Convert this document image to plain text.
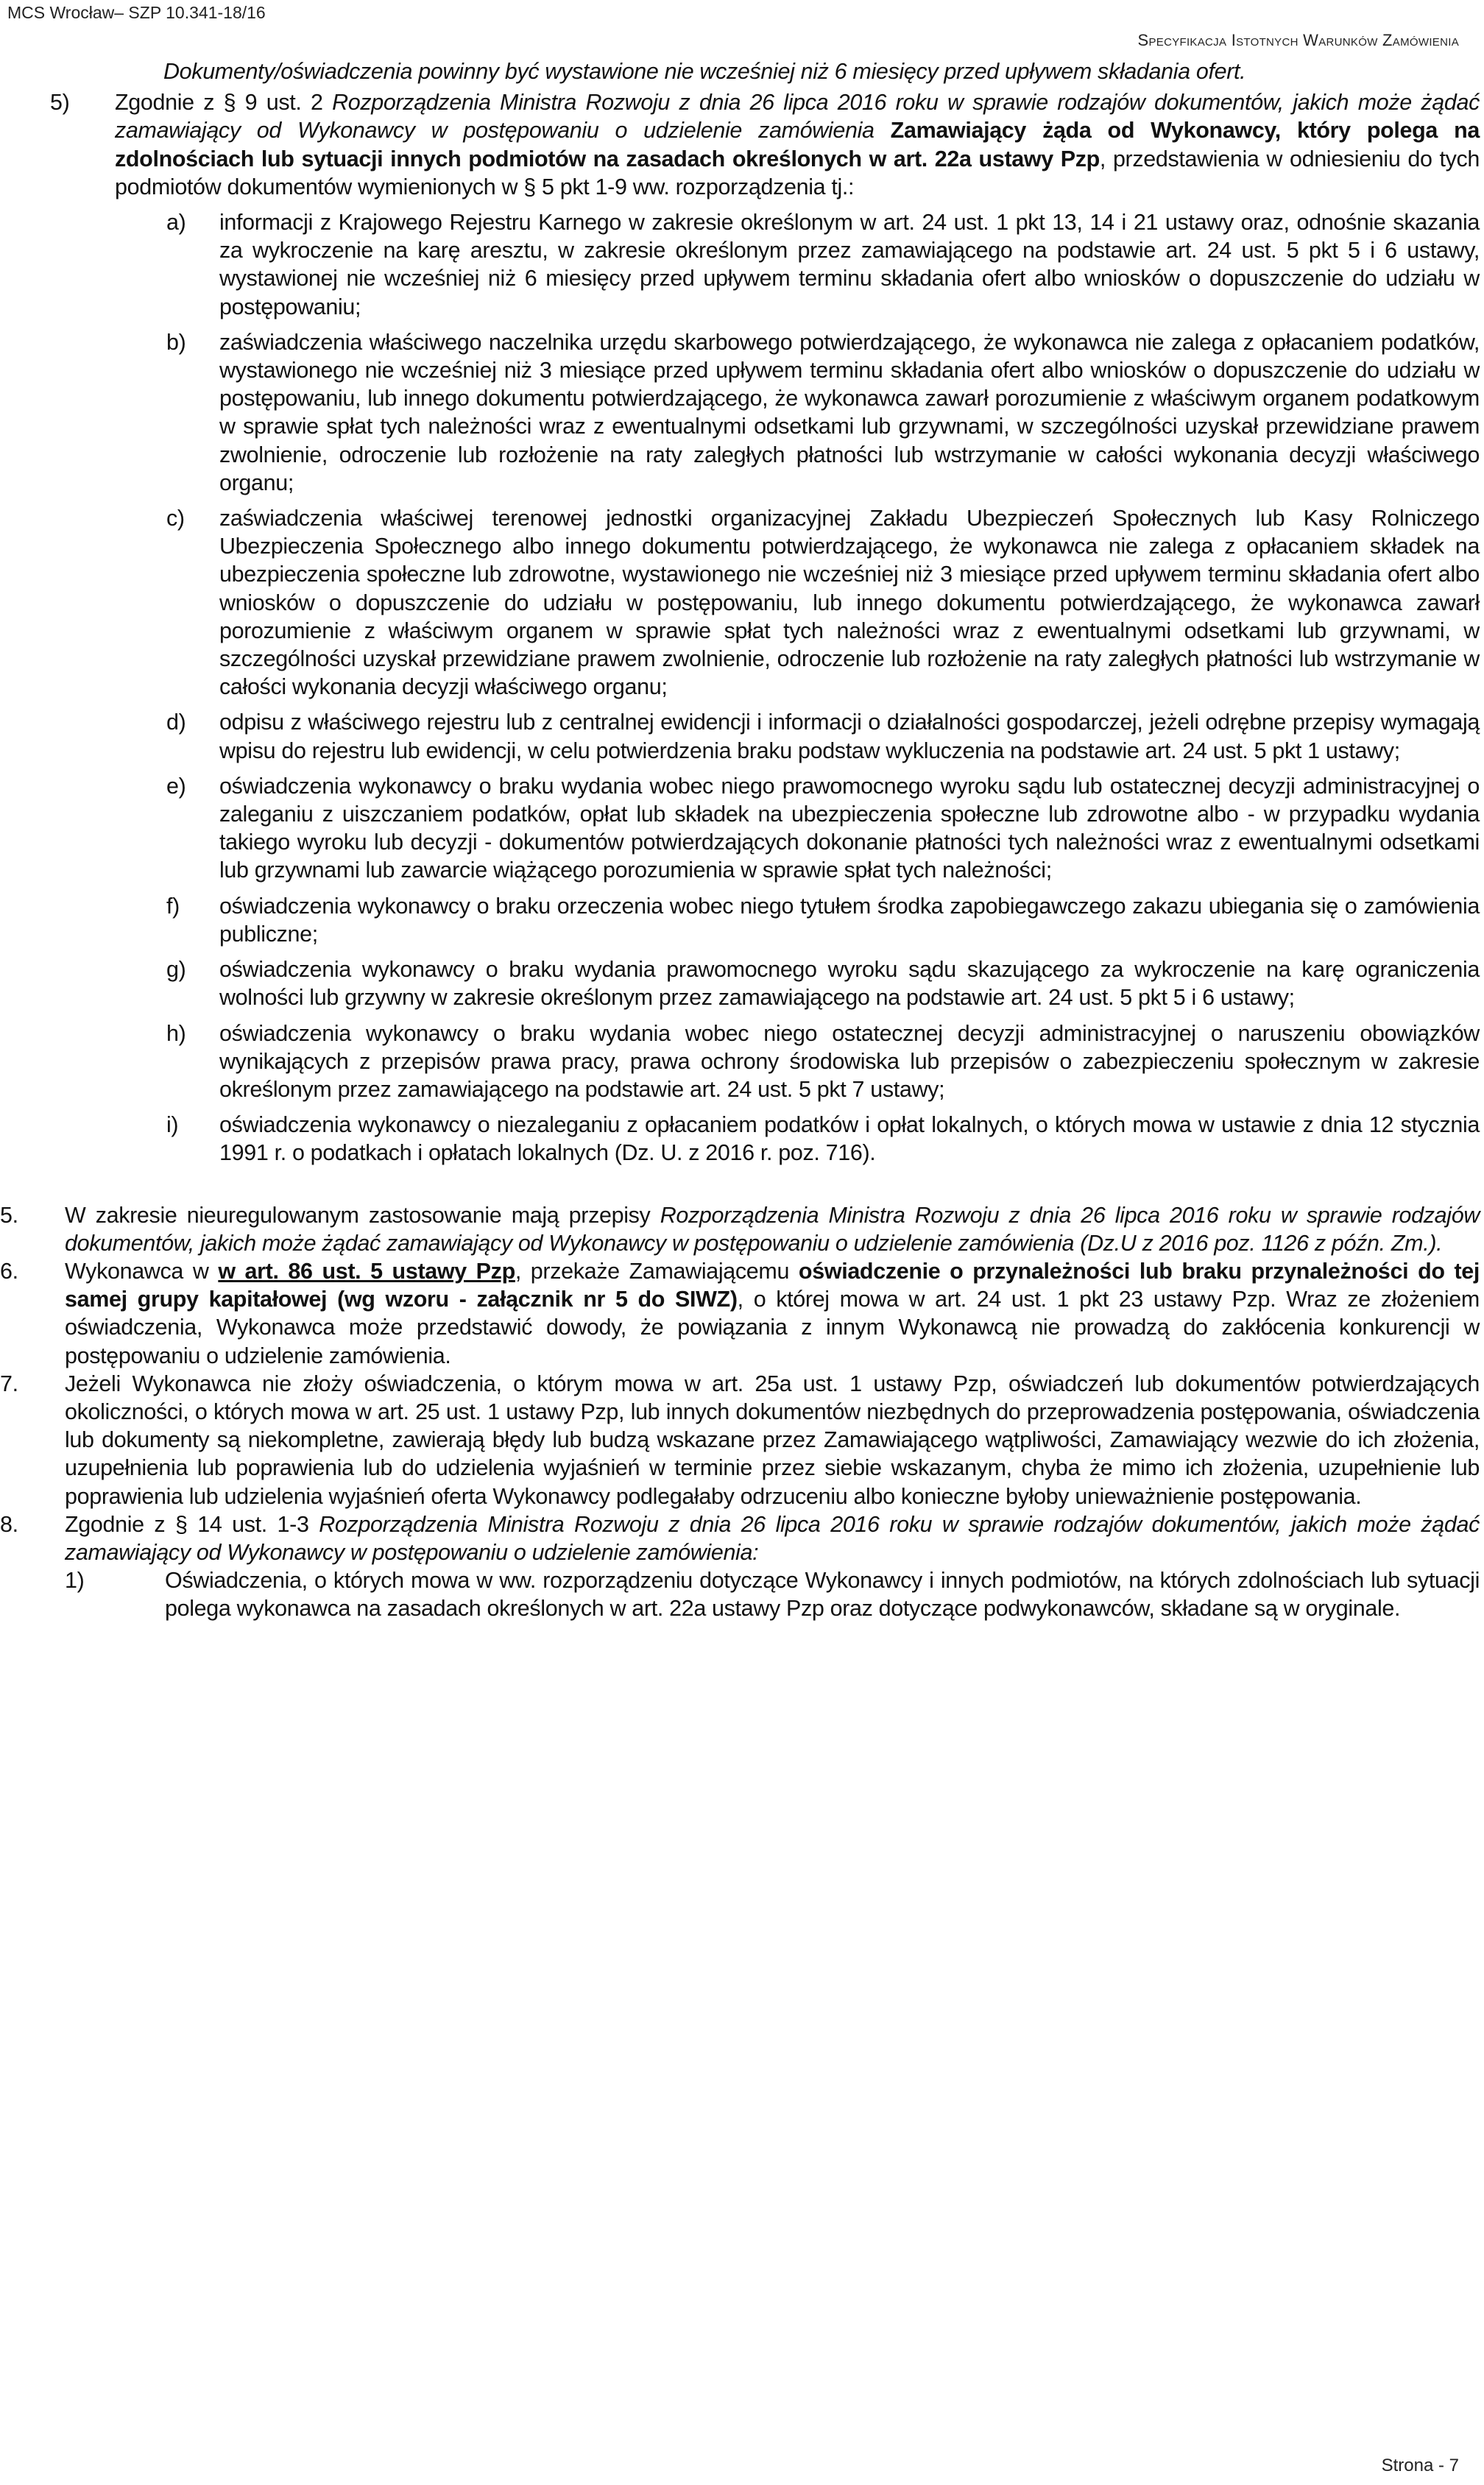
MCS Wrocław– SZP 10.341-18/16
Specyfikacja Istotnych Warunków Zamówienia
Dokumenty/oświadczenia powinny być wystawione nie wcześniej niż 6 miesięcy przed upływem składania ofert.
5) Zgodnie z § 9 ust. 2 Rozporządzenia Ministra Rozwoju z dnia 26 lipca 2016 roku w sprawie rodzajów dokumentów, jakich może żądać zamawiający od Wykonawcy w postępowaniu o udzielenie zamówienia Zamawiający żąda od Wykonawcy, który polega na zdolnościach lub sytuacji innych podmiotów na zasadach określonych w art. 22a ustawy Pzp, przedstawienia w odniesieniu do tych podmiotów dokumentów wymienionych w § 5 pkt 1-9 ww. rozporządzenia tj.:
a) informacji z Krajowego Rejestru Karnego w zakresie określonym w art. 24 ust. 1 pkt 13, 14 i 21 ustawy oraz, odnośnie skazania za wykroczenie na karę aresztu, w zakresie określonym przez zamawiającego na podstawie art. 24 ust. 5 pkt 5 i 6 ustawy, wystawionej nie wcześniej niż 6 miesięcy przed upływem terminu składania ofert albo wniosków o dopuszczenie do udziału w postępowaniu;
b) zaświadczenia właściwego naczelnika urzędu skarbowego potwierdzającego, że wykonawca nie zalega z opłacaniem podatków, wystawionego nie wcześniej niż 3 miesiące przed upływem terminu składania ofert albo wniosków o dopuszczenie do udziału w postępowaniu, lub innego dokumentu potwierdzającego, że wykonawca zawarł porozumienie z właściwym organem podatkowym w sprawie spłat tych należności wraz z ewentualnymi odsetkami lub grzywnami, w szczególności uzyskał przewidziane prawem zwolnienie, odroczenie lub rozłożenie na raty zaległych płatności lub wstrzymanie w całości wykonania decyzji właściwego organu;
c) zaświadczenia właściwej terenowej jednostki organizacyjnej Zakładu Ubezpieczeń Społecznych lub Kasy Rolniczego Ubezpieczenia Społecznego albo innego dokumentu potwierdzającego, że wykonawca nie zalega z opłacaniem składek na ubezpieczenia społeczne lub zdrowotne, wystawionego nie wcześniej niż 3 miesiące przed upływem terminu składania ofert albo wniosków o dopuszczenie do udziału w postępowaniu, lub innego dokumentu potwierdzającego, że wykonawca zawarł porozumienie z właściwym organem w sprawie spłat tych należności wraz z ewentualnymi odsetkami lub grzywnami, w szczególności uzyskał przewidziane prawem zwolnienie, odroczenie lub rozłożenie na raty zaległych płatności lub wstrzymanie w całości wykonania decyzji właściwego organu;
d) odpisu z właściwego rejestru lub z centralnej ewidencji i informacji o działalności gospodarczej, jeżeli odrębne przepisy wymagają wpisu do rejestru lub ewidencji, w celu potwierdzenia braku podstaw wykluczenia na podstawie art. 24 ust. 5 pkt 1 ustawy;
e) oświadczenia wykonawcy o braku wydania wobec niego prawomocnego wyroku sądu lub ostatecznej decyzji administracyjnej o zaleganiu z uiszczaniem podatków, opłat lub składek na ubezpieczenia społeczne lub zdrowotne albo - w przypadku wydania takiego wyroku lub decyzji - dokumentów potwierdzających dokonanie płatności tych należności wraz z ewentualnymi odsetkami lub grzywnami lub zawarcie wiążącego porozumienia w sprawie spłat tych należności;
f) oświadczenia wykonawcy o braku orzeczenia wobec niego tytułem środka zapobiegawczego zakazu ubiegania się o zamówienia publiczne;
g) oświadczenia wykonawcy o braku wydania prawomocnego wyroku sądu skazującego za wykroczenie na karę ograniczenia wolności lub grzywny w zakresie określonym przez zamawiającego na podstawie art. 24 ust. 5 pkt 5 i 6 ustawy;
h) oświadczenia wykonawcy o braku wydania wobec niego ostatecznej decyzji administracyjnej o naruszeniu obowiązków wynikających z przepisów prawa pracy, prawa ochrony środowiska lub przepisów o zabezpieczeniu społecznym w zakresie określonym przez zamawiającego na podstawie art. 24 ust. 5 pkt 7 ustawy;
i) oświadczenia wykonawcy o niezaleganiu z opłacaniem podatków i opłat lokalnych, o których mowa w ustawie z dnia 12 stycznia 1991 r. o podatkach i opłatach lokalnych (Dz. U. z 2016 r. poz. 716).
5. W zakresie nieuregulowanym zastosowanie mają przepisy Rozporządzenia Ministra Rozwoju z dnia 26 lipca 2016 roku w sprawie rodzajów dokumentów, jakich może żądać zamawiający od Wykonawcy w postępowaniu o udzielenie zamówienia (Dz.U z 2016 poz. 1126 z późn. Zm.).
6. Wykonawca w w art. 86 ust. 5 ustawy Pzp, przekaże Zamawiającemu oświadczenie o przynależności lub braku przynależności do tej samej grupy kapitałowej (wg wzoru - załącznik nr 5 do SIWZ), o której mowa w art. 24 ust. 1 pkt 23 ustawy Pzp. Wraz ze złożeniem oświadczenia, Wykonawca może przedstawić dowody, że powiązania z innym Wykonawcą nie prowadzą do zakłócenia konkurencji w postępowaniu o udzielenie zamówienia.
7. Jeżeli Wykonawca nie złoży oświadczenia, o którym mowa w art. 25a ust. 1 ustawy Pzp, oświadczeń lub dokumentów potwierdzających okoliczności, o których mowa w art. 25 ust. 1 ustawy Pzp, lub innych dokumentów niezbędnych do przeprowadzenia postępowania, oświadczenia lub dokumenty są niekompletne, zawierają błędy lub budzą wskazane przez Zamawiającego wątpliwości, Zamawiający wezwie do ich złożenia, uzupełnienia lub poprawienia lub do udzielenia wyjaśnień w terminie przez siebie wskazanym, chyba że mimo ich złożenia, uzupełnienie lub poprawienia lub udzielenia wyjaśnień oferta Wykonawcy podlegałaby odrzuceniu albo konieczne byłoby unieważnienie postępowania.
8. Zgodnie z § 14 ust. 1-3 Rozporządzenia Ministra Rozwoju z dnia 26 lipca 2016 roku w sprawie rodzajów dokumentów, jakich może żądać zamawiający od Wykonawcy w postępowaniu o udzielenie zamówienia:
1)	Oświadczenia, o których mowa w ww. rozporządzeniu dotyczące Wykonawcy i innych podmiotów, na których zdolnościach lub sytuacji polega wykonawca na zasadach określonych w art. 22a ustawy Pzp oraz dotyczące podwykonawców, składane są w oryginale.
Strona - 7
